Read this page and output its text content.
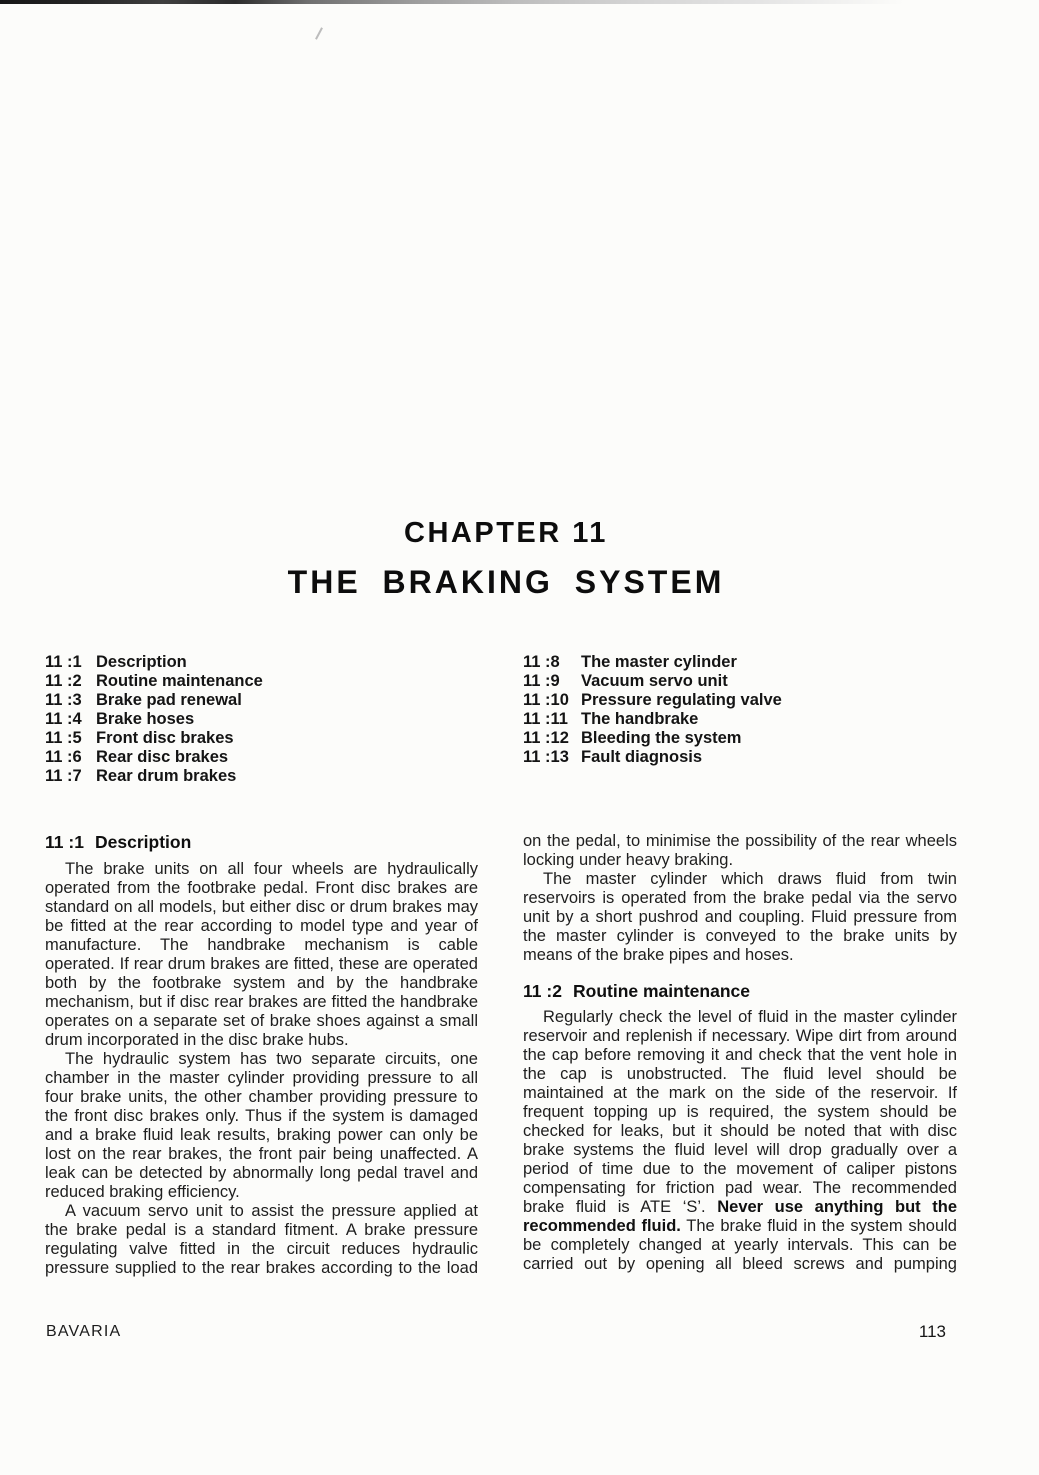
CHAPTER 11
THE BRAKING SYSTEM
11 :1 Description
11 :2 Routine maintenance
11 :3 Brake pad renewal
11 :4 Brake hoses
11 :5 Front disc brakes
11 :6 Rear disc brakes
11 :7 Rear drum brakes
11 :8	The master cylinder
11 :9	Vacuum servo unit
11 :10 Pressure regulating valve
11 :11 The handbrake
11 :12 Bleeding the system
11 :13 Fault diagnosis
11 :1 Description

The brake units on all four wheels are hydraulically operated from the footbrake pedal. Front disc brakes are standard on all models, but either disc or drum brakes may be fitted at the rear according to model type and year of manufacture. The handbrake mechanism is cable operated. If rear drum brakes are fitted, these are operated both by the footbrake system and by the handbrake mechanism, but if disc rear brakes are fitted the handbrake operates on a separate set of brake shoes against a small drum incorporated in the disc brake hubs.

The hydraulic system has two separate circuits, one chamber in the master cylinder providing pressure to all four brake units, the other chamber providing pressure to the front disc brakes only. Thus if the system is damaged and a brake fluid leak results, braking power can only be lost on the rear brakes, the front pair being unaffected. A leak can be detected by abnormally long pedal travel and reduced braking efficiency.

A vacuum servo unit to assist the pressure applied at the brake pedal is a standard fitment. A brake pressure regulating valve fitted in the circuit reduces hydraulic pressure supplied to the rear brakes according to the load

on the pedal, to minimise the possibility of the rear wheels locking under heavy braking.

The master cylinder which draws fluid from twin reservoirs is operated from the brake pedal via the servo unit by a short pushrod and coupling. Fluid pressure from the master cylinder is conveyed to the brake units by means of the brake pipes and hoses.

11 :2 Routine maintenance

Regularly check the level of fluid in the master cylinder reservoir and replenish if necessary. Wipe dirt from around the cap before removing it and check that the vent hole in the cap is unobstructed. The fluid level should be maintained at the mark on the side of the reservoir. If frequent topping up is required, the system should be checked for leaks, but it should be noted that with disc brake systems the fluid level will drop gradually over a period of time due to the movement of caliper pistons compensating for friction pad wear. The recommended brake fluid is ATE ‘S’. Never use anything but the recommended fluid. The brake fluid in the system should be completely changed at yearly intervals. This can be carried out by opening all bleed screws and pumping

BAVARIA	113
